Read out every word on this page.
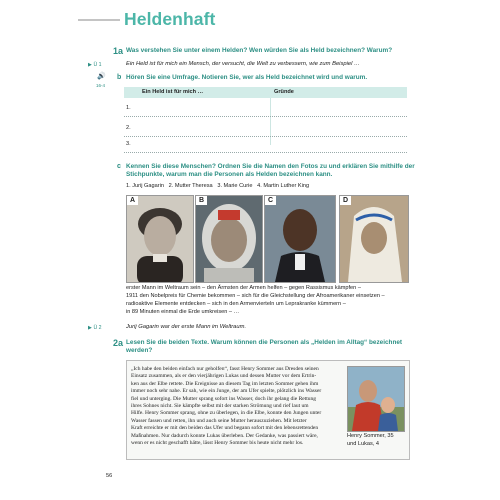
Heldenhaft
1a Was verstehen Sie unter einem Helden? Wen würden Sie als Held bezeichnen? Warum?
▶ Ü 1	Ein Held ist für mich ein Mensch, der versucht, die Welt zu verbessern, wie zum Beispiel …
🔊
16-4
b Hören Sie eine Umfrage. Notieren Sie, wer als Held bezeichnet wird und warum.
Ein Held ist für mich …	Gründe
1.
2.
3.
c Kennen Sie diese Menschen? Ordnen Sie die Namen den Fotos zu und erklären Sie mithilfe der
Stichpunkte, warum man die Personen als Helden bezeichnen kann.
1. Jurij Gagarin 2. Mutter Theresa 3. Marie Curie 4. Martin Luther King
A	B	C	D
erster Mann im Weltraum sein – den Ärmsten der Armen helfen – gegen Rassismus kämpfen –
1911 den Nobelpreis für Chemie bekommen – sich für die Gleichstellung der Afroamerikaner einsetzen –
radioaktive Elemente entdecken – sich in den Armenvierteln um Leprakranke kümmern –
in 89 Minuten einmal die Erde umkreisen – …
▶ Ü 2	Jurij Gagarin war der erste Mann im Weltraum.
2a Lesen Sie die beiden Texte. Warum können die Personen als „Helden im Alltag“ bezeichnet
werden?
„Ich habe den beiden einfach nur geholfen“, fasst Henry Sommer aus Dresden seinen
Einsatz zusammen, als er den vierjährigen Lukas und dessen Mutter vor dem Ertrin-
ken aus der Elbe rettete. Die Ereignisse an diesem Tag im letzten Sommer gehen ihm
immer noch sehr nahe. Er sah, wie ein Junge, der am Ufer spielte, plötzlich ins Wasser
fiel und unterging. Die Mutter sprang sofort ins Wasser, doch ihr gelang die Rettung
ihres Sohnes nicht. Sie kämpfte selbst mit der starken Strömung und rief laut um
Hilfe. Henry Sommer sprang, ohne zu überlegen, in die Elbe, konnte den Jungen unter
Wasser fassen und retten, ihn und auch seine Mutter herauszuziehen. Mit letzter
Kraft erreichte er mit den beiden das Ufer und begann sofort mit den lebensrettenden
Maßnahmen. Nur dadurch konnte Lukas überleben. Der Gedanke, was passiert wäre,
wenn er es nicht geschafft hätte, lässt Henry Sommer bis heute nicht mehr los.
Henry Sommer, 35
und Lukas, 4
56
